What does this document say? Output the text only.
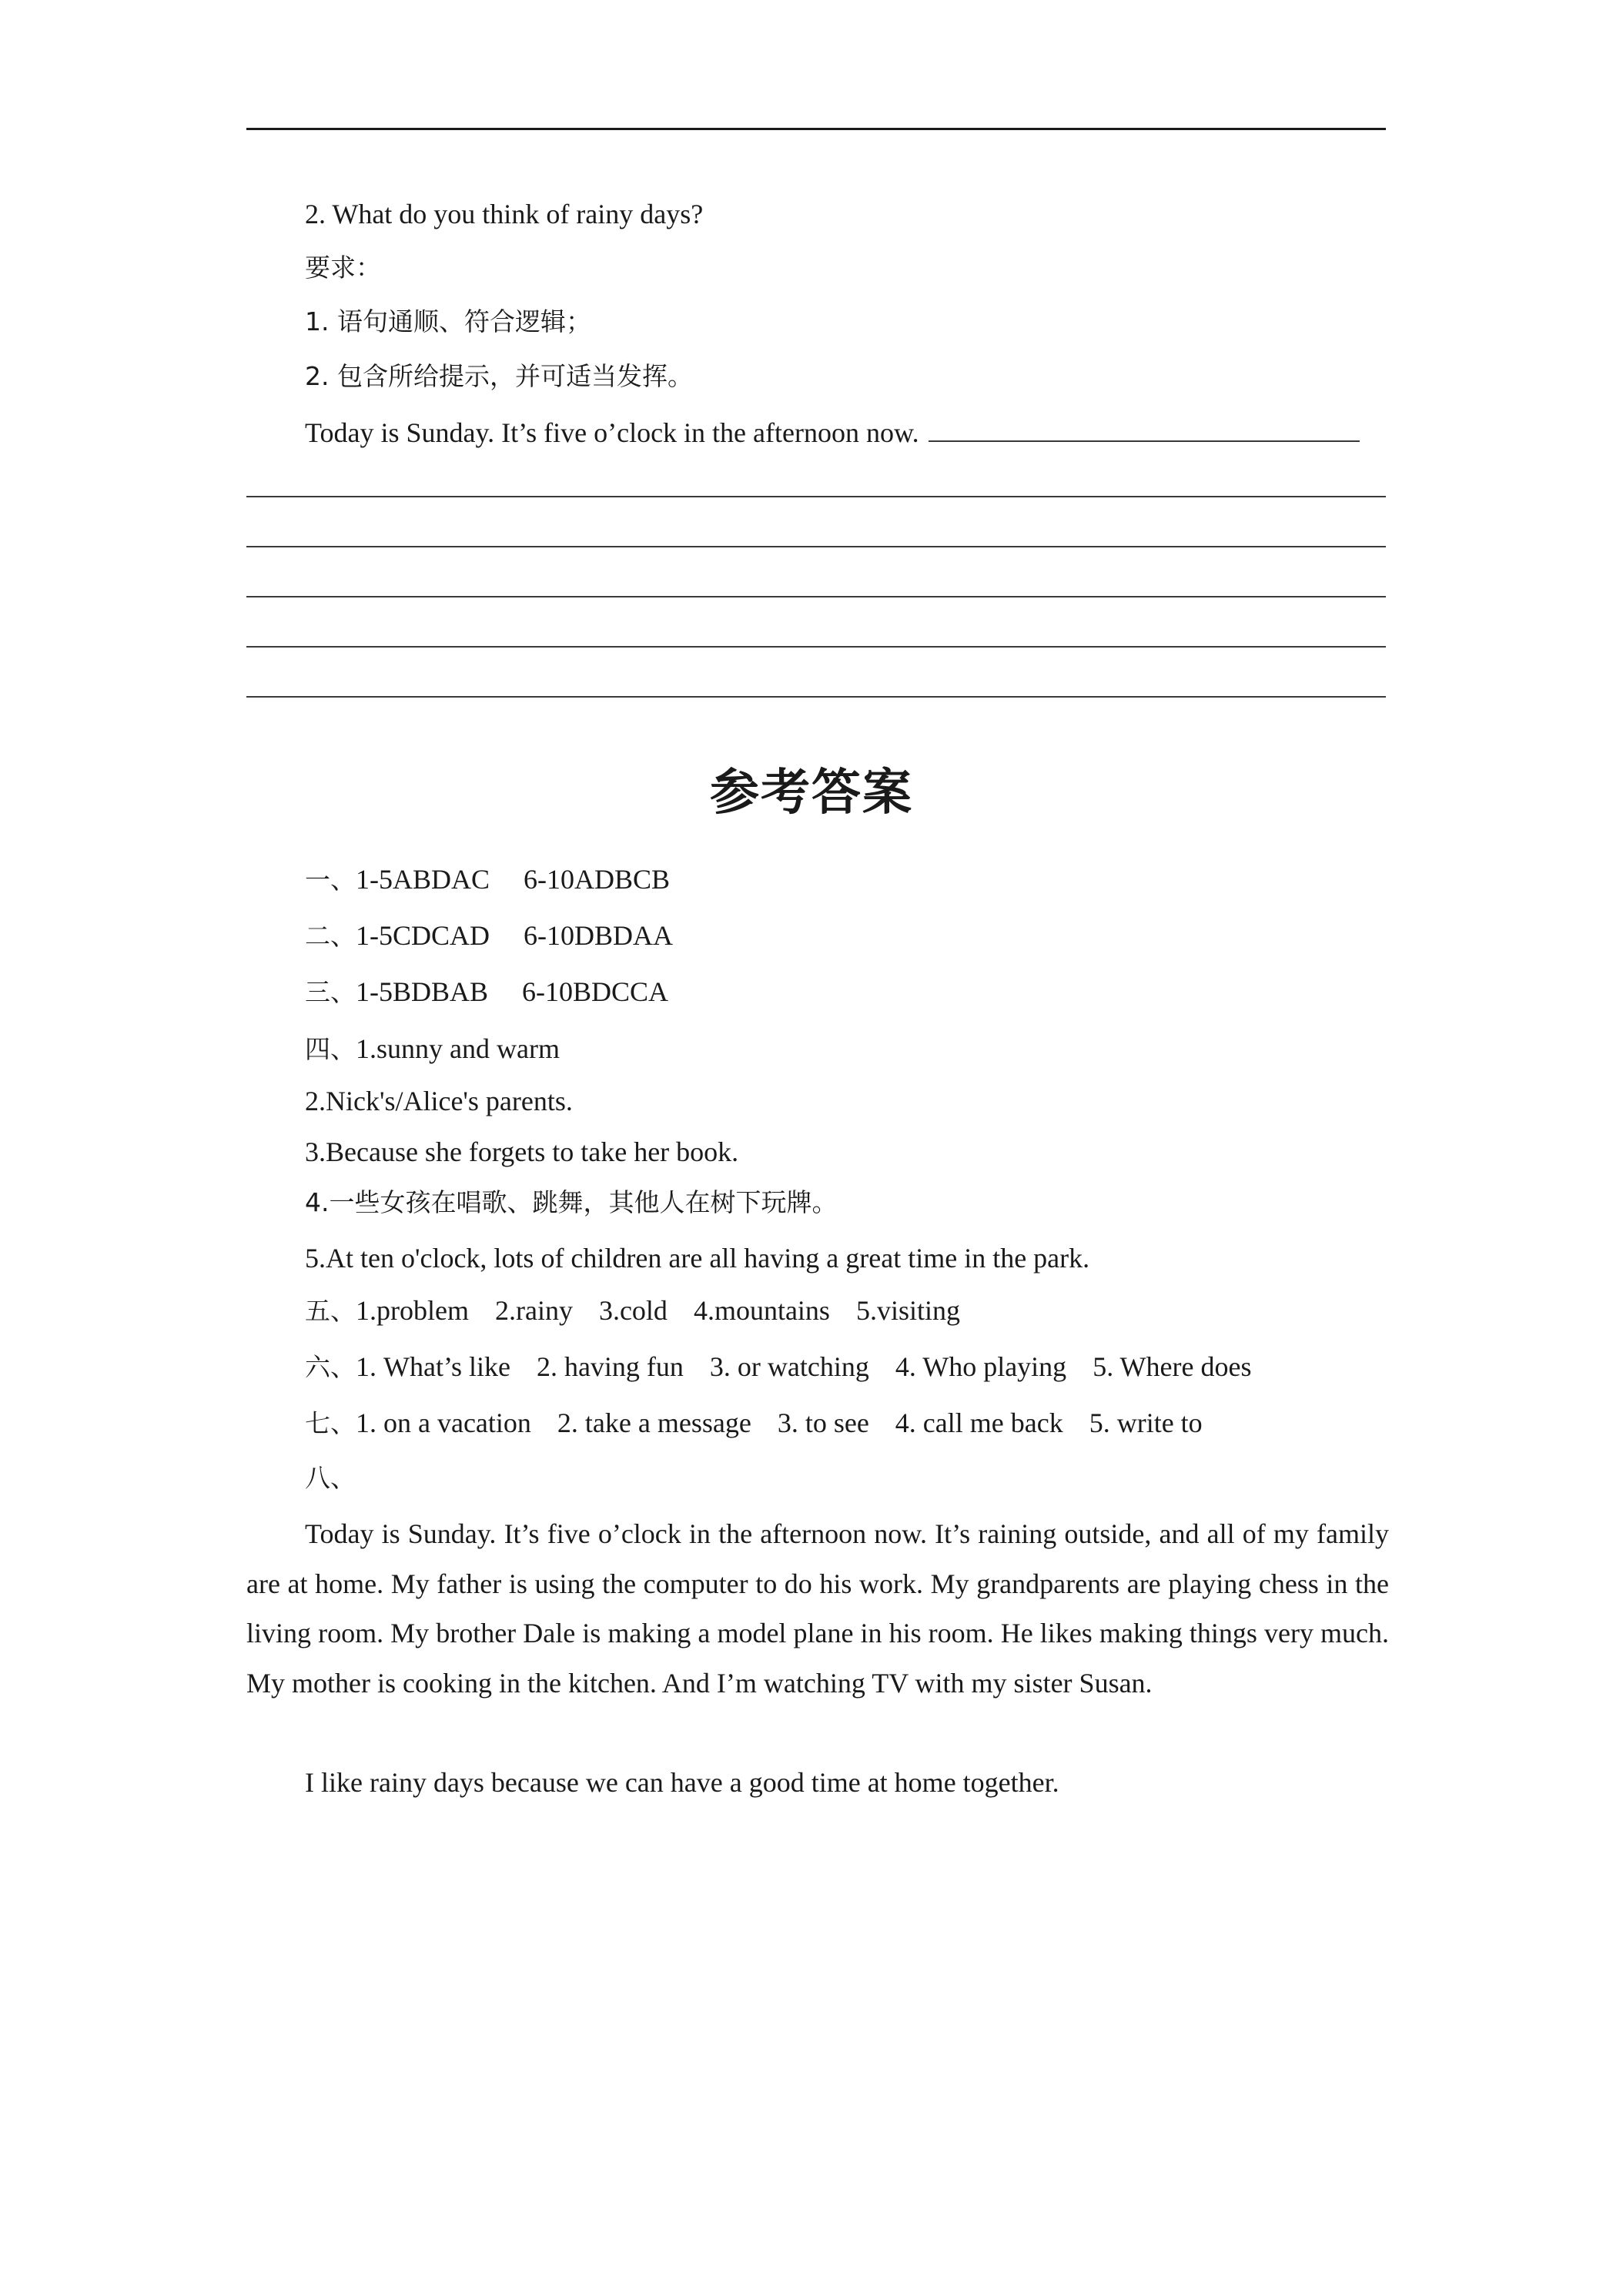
2. What do you think of rainy days?
要求：
1. 语句通顺、符合逻辑；
2. 包含所给提示，并可适当发挥。
Today is Sunday. It’s five o’clock in the afternoon now.
参考答案
一、1-5ABDAC 6-10ADBCB
二、1-5CDCAD 6-10DBDAA
三、1-5BDBAB 6-10BDCCA
四、1.sunny and warm
2.Nick's/Alice's parents.
3.Because she forgets to take her book.
4.一些女孩在唱歌、跳舞，其他人在树下玩牌。
5.At ten o'clock, lots of children are all having a great time in the park.
五、1.problem 2.rainy 3.cold 4.mountains 5.visiting
六、1. What’s like 2. having fun 3. or watching 4. Who playing 5. Where does
七、1. on a vacation 2. take a message 3. to see 4. call me back 5. write to
八、
Today is Sunday. It’s five o’clock in the afternoon now. It’s raining outside, and all of my family are at home. My father is using the computer to do his work. My grandparents are playing chess in the living room. My brother Dale is making a model plane in his room. He likes making things very much. My mother is cooking in the kitchen. And I’m watching TV with my sister Susan.
I like rainy days because we can have a good time at home together.
